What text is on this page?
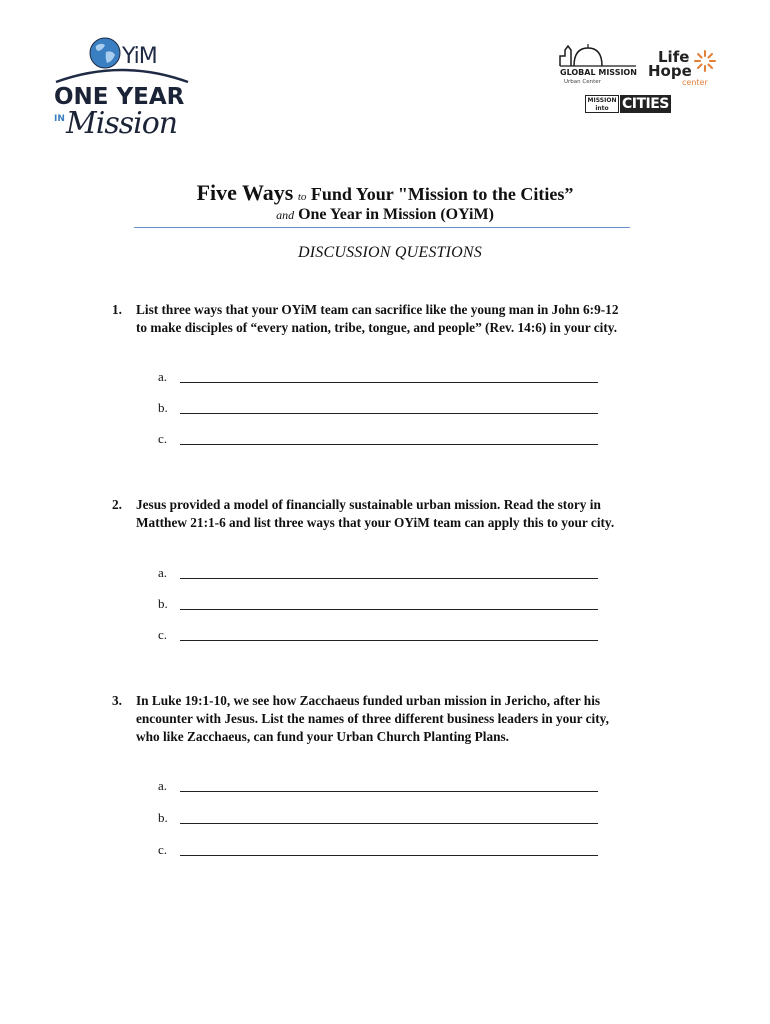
YiM
ONE YEAR
IN Mission
GLOBAL MISSION
Urban Center
Life
Hope
center
MISSION into CITIES
Five Ways to Fund Your "Mission to the Cities”
and One Year in Mission (OYiM)
DISCUSSION QUESTIONS
1. List three ways that your OYiM team can sacrifice like the young man in John 6:9-12
to make disciples of “every nation, tribe, tongue, and people” (Rev. 14:6) in your city.
a.
b.
c.
2. Jesus provided a model of financially sustainable urban mission. Read the story in
Matthew 21:1-6 and list three ways that your OYiM team can apply this to your city.
a.
b.
c.
3. In Luke 19:1-10, we see how Zacchaeus funded urban mission in Jericho, after his
encounter with Jesus. List the names of three different business leaders in your city,
who like Zacchaeus, can fund your Urban Church Planting Plans.
a.
b.
c.
